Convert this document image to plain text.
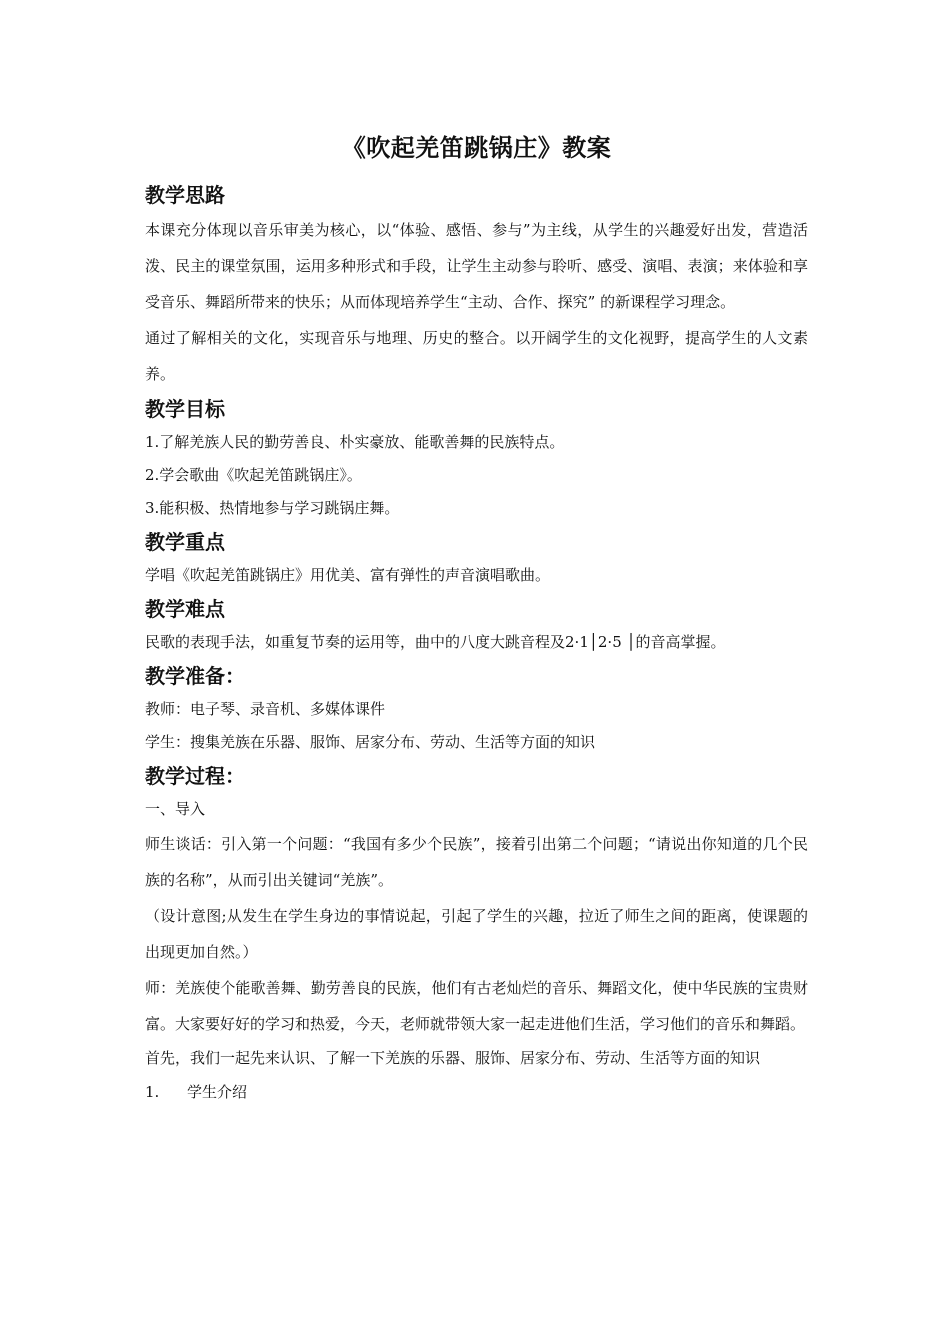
《吹起羌笛跳锅庄》教案
教学思路

本课充分体现以音乐审美为核心，以“体验、感悟、参与”为主线，从学生的兴趣爱好出发，营造活泼、民主的课堂氛围，运用多种形式和手段，让学生主动参与聆听、感受、演唱、表演；来体验和享受音乐、舞蹈所带来的快乐；从而体现培养学生“主动、合作、探究” 的新课程学习理念。

通过了解相关的文化，实现音乐与地理、历史的整合。以开阔学生的文化视野，提高学生的人文素养。

教学目标

1.了解羌族人民的勤劳善良、朴实豪放、能歌善舞的民族特点。

2.学会歌曲《吹起羌笛跳锅庄》。

3.能积极、热情地参与学习跳锅庄舞。

教学重点

学唱《吹起羌笛跳锅庄》用优美、富有弹性的声音演唱歌曲。

教学难点

民歌的表现手法，如重复节奏的运用等，曲中的八度大跳音程及2·1│2·5 │的音高掌握。

教学准备：

教师：电子琴、录音机、多媒体课件

学生：搜集羌族在乐器、服饰、居家分布、劳动、生活等方面的知识

教学过程：

一、导入

师生谈话：引入第一个问题：“我国有多少个民族”，接着引出第二个问题；“请说出你知道的几个民族的名称”，从而引出关键词“羌族”。

（设计意图;从发生在学生身边的事情说起，引起了学生的兴趣，拉近了师生之间的距离，使课题的出现更加自然。）

师：羌族使个能歌善舞、勤劳善良的民族，他们有古老灿烂的音乐、舞蹈文化，使中华民族的宝贵财富。大家要好好的学习和热爱，今天，老师就带领大家一起走进他们生活，学习他们的音乐和舞蹈。

首先，我们一起先来认识、了解一下羌族的乐器、服饰、居家分布、劳动、生活等方面的知识

1. 学生介绍
